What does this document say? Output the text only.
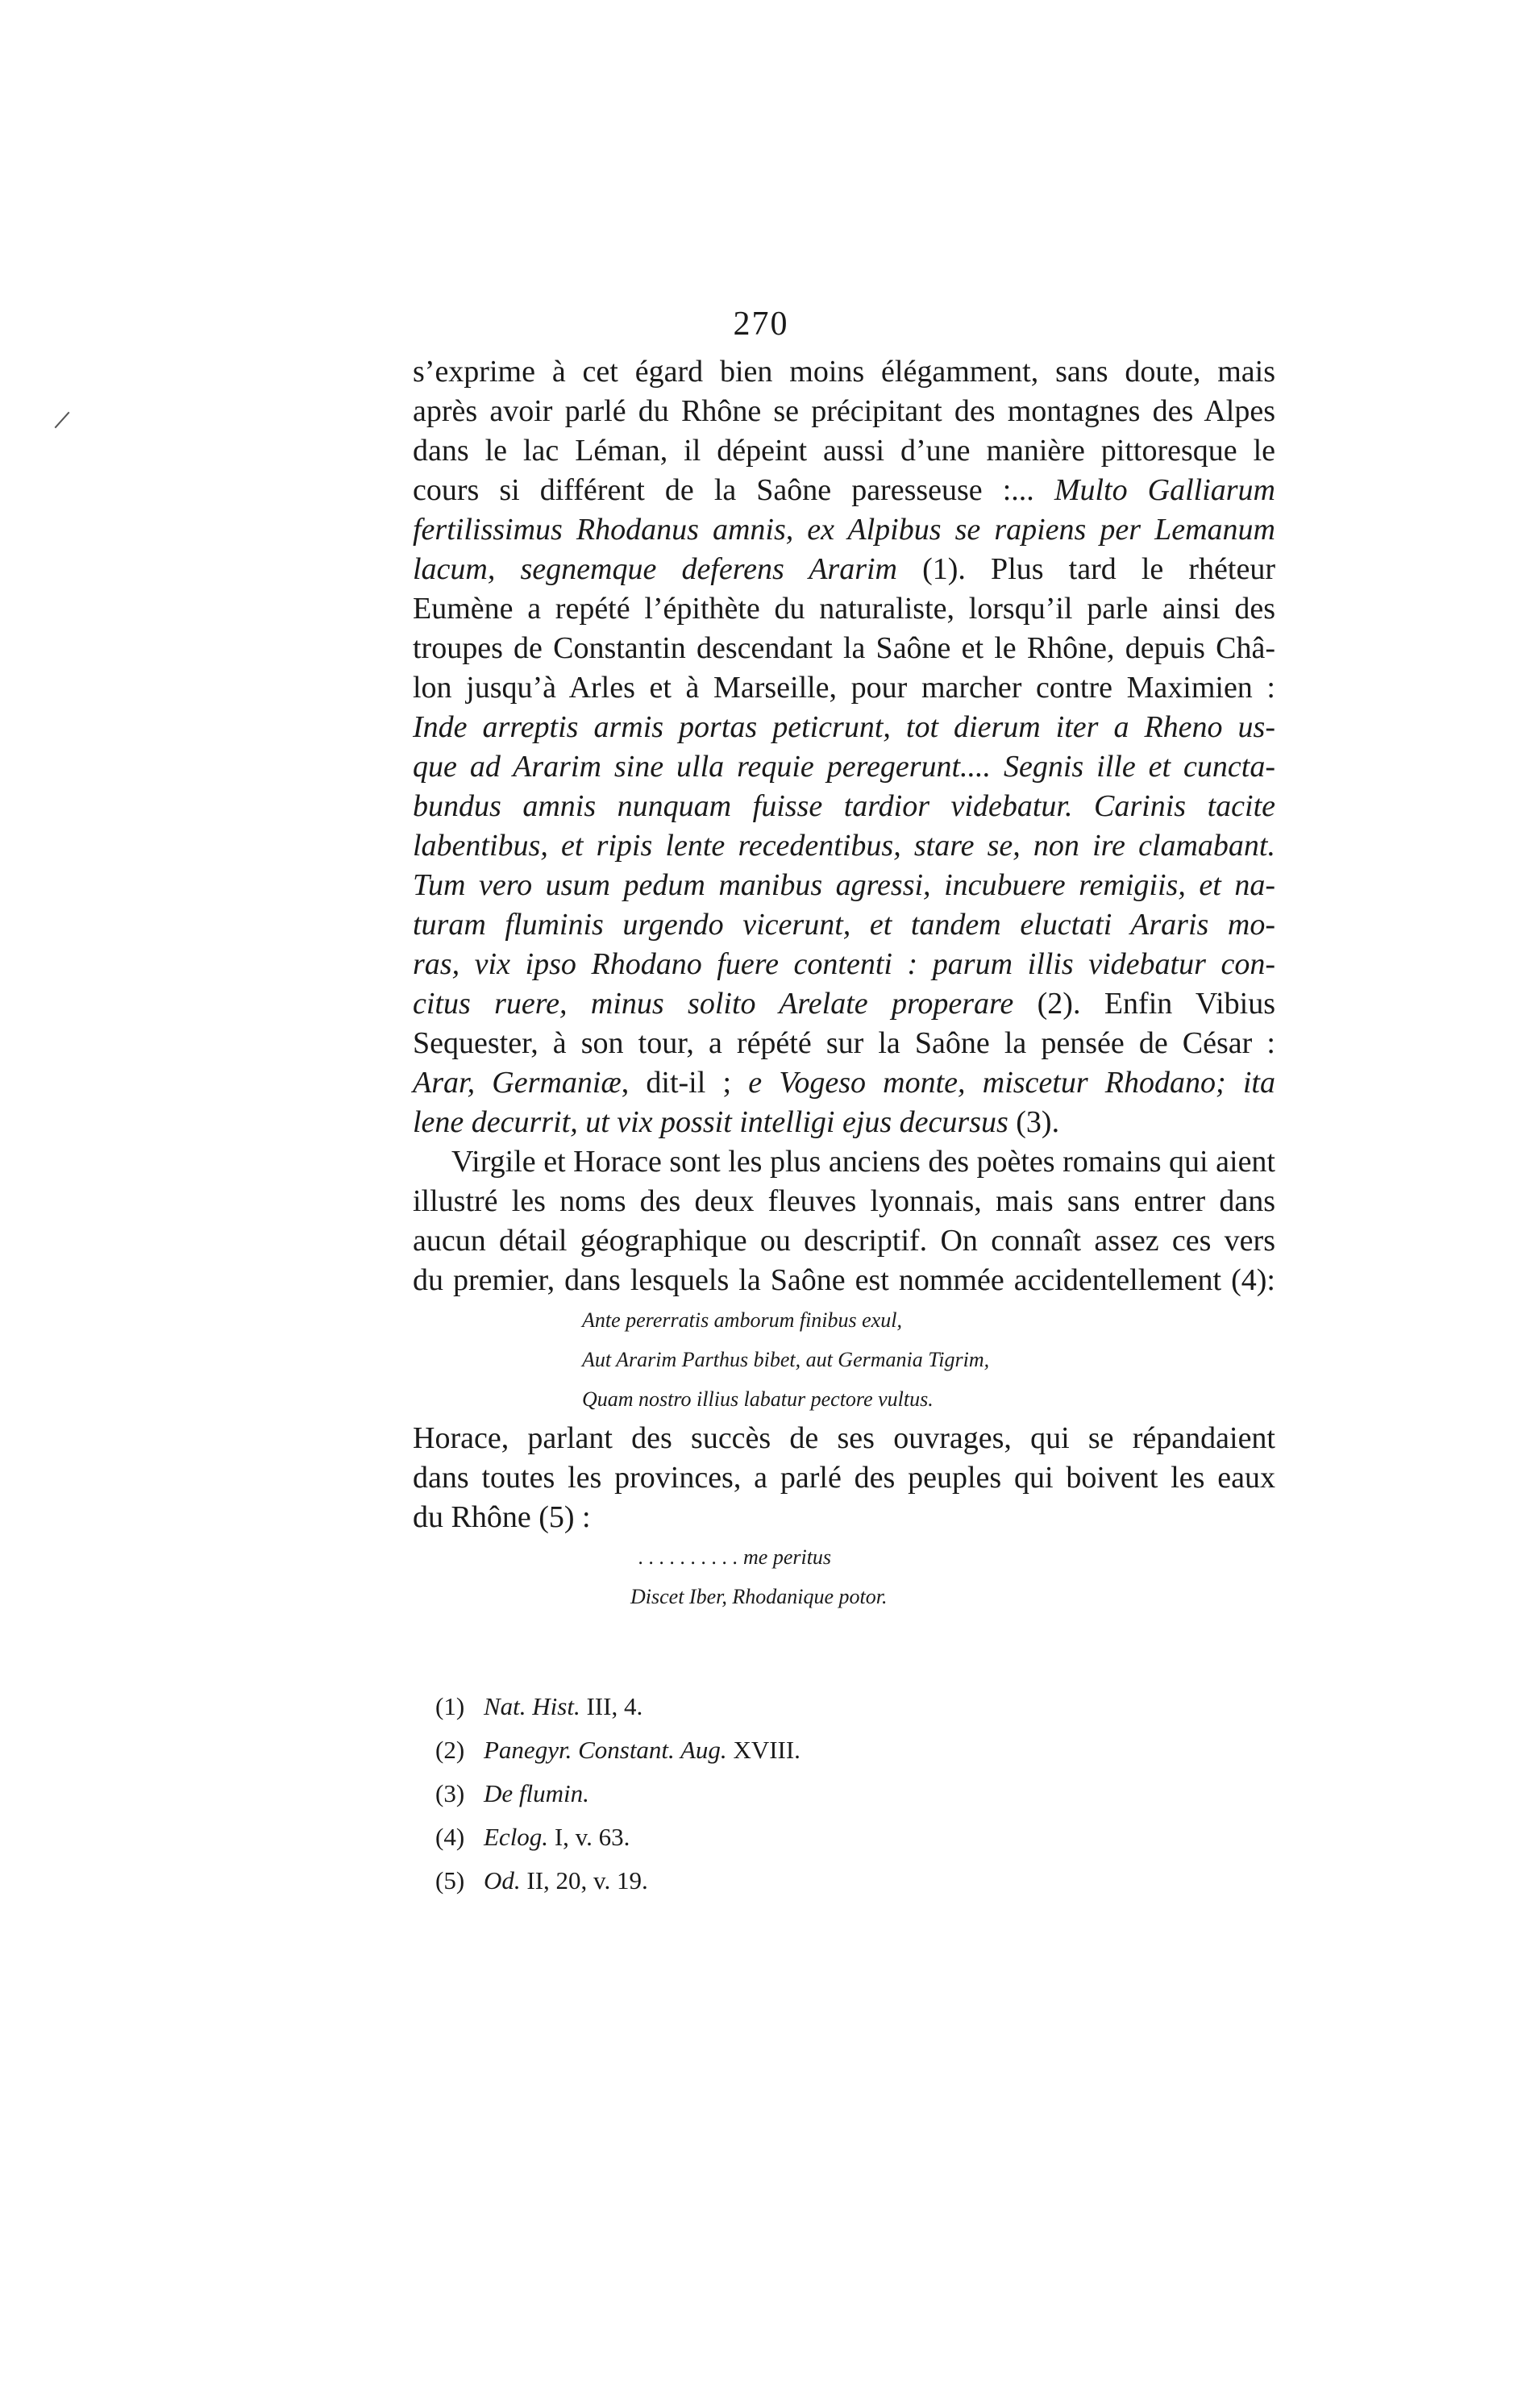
270
s’exprime à cet égard bien moins élégamment, sans doute, mais
après avoir parlé du Rhône se précipitant des montagnes des Alpes
dans le lac Léman, il dépeint aussi d’une manière pittoresque le
cours si différent de la Saône paresseuse :... Multo Galliarum
fertilissimus Rhodanus amnis, ex Alpibus se rapiens per Lemanum
lacum, segnemque deferens Ararim (1). Plus tard le rhéteur
Eumène a repété l’épithète du naturaliste, lorsqu’il parle ainsi des
troupes de Constantin descendant la Saône et le Rhône, depuis Châ-
lon jusqu’à Arles et à Marseille, pour marcher contre Maximien :
Inde arreptis armis portas peticrunt, tot dierum iter a Rheno us-
que ad Ararim sine ulla requie peregerunt.... Segnis ille et cuncta-
bundus amnis nunquam fuisse tardior videbatur. Carinis tacite
labentibus, et ripis lente recedentibus, stare se, non ire clamabant.
Tum vero usum pedum manibus agressi, incubuere remigiis, et na-
turam fluminis urgendo vicerunt, et tandem eluctati Araris mo-
ras, vix ipso Rhodano fuere contenti : parum illis videbatur con-
citus ruere, minus solito Arelate properare (2). Enfin Vibius
Sequester, à son tour, a répété sur la Saône la pensée de César :
Arar, Germaniæ, dit-il ; e Vogeso monte, miscetur Rhodano; ita
lene decurrit, ut vix possit intelligi ejus decursus (3).
Virgile et Horace sont les plus anciens des poètes romains qui aient
illustré les noms des deux fleuves lyonnais, mais sans entrer dans
aucun détail géographique ou descriptif. On connaît assez ces vers
du premier, dans lesquels la Saône est nommée accidentellement (4):
Ante pererratis amborum finibus exul,
Aut Ararim Parthus bibet, aut Germania Tigrim,
Quam nostro illius labatur pectore vultus.
Horace, parlant des succès de ses ouvrages, qui se répandaient
dans toutes les provinces, a parlé des peuples qui boivent les eaux
du Rhône (5) :
. . . . . . . . . . me peritus
Discet Iber, Rhodanique potor.
(1) Nat. Hist. III, 4.
(2) Panegyr. Constant. Aug. XVIII.
(3) De flumin.
(4) Eclog. I, v. 63.
(5) Od. II, 20, v. 19.
